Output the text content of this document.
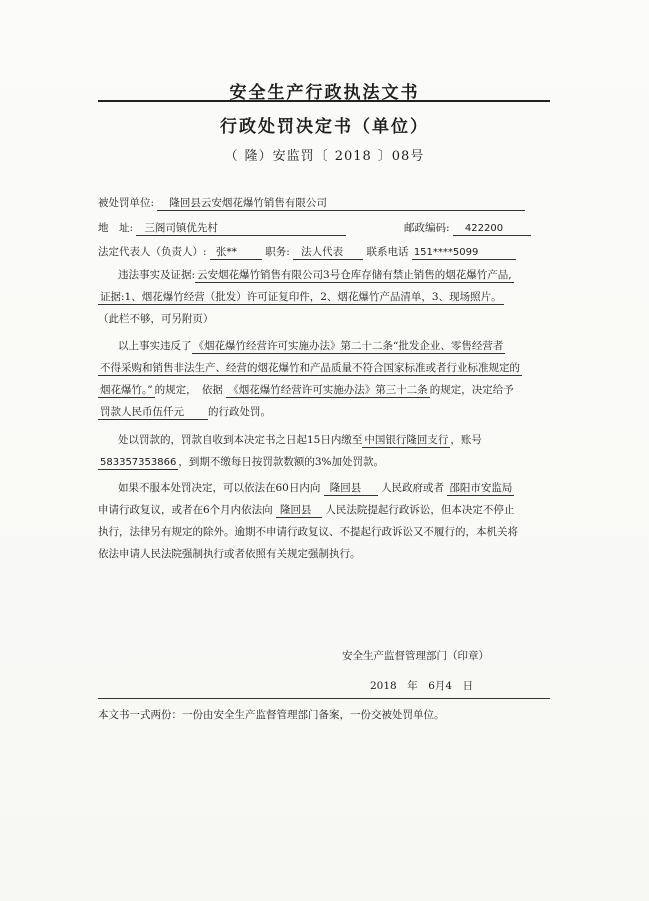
安全生产行政执法文书
行政处罚决定书（单位）
（ 隆）安监罚〔 2018 〕08号
被处罚单位: 隆回县云安烟花爆竹销售有限公司
地　址: 三阁司镇优先村	邮政编码: 422200
法定代表人（负责人）: 张**	职务: 法人代表 联系电话 151****5099
违法事实及证据: 云安烟花爆竹销售有限公司3号仓库存储有禁止销售的烟花爆竹产品,
证据:1、烟花爆竹经营（批发）许可证复印件，2、烟花爆竹产品清单，3、现场照片。
（此栏不够，可另附页）
以上事实违反了 《烟花爆竹经营许可实施办法》第二十二条“批发企业、零售经营者
不得采购和销售非法生产、经营的烟花爆竹和产品质量不符合国家标准或者行业标准规定的
烟花爆竹。” 的规定，　依据 《烟花爆竹经营许可实施办法》第三十二条 的规定，决定给予
罚款人民币伍仟元 的行政处罚。
处以罚款的，罚款自收到本决定书之日起15日内缴至 中国银行隆回支行 ，账号
583357353866 ，到期不缴每日按罚款数额的3%加处罚款。
如果不服本处罚决定，可以依法在60日内向 隆回县 人民政府或者 邵阳市安监局
申请行政复议，或者在6个月内依法向 隆回县 人民法院提起行政诉讼，但本决定不停止
执行，法律另有规定的除外。逾期不申请行政复议、不提起行政诉讼又不履行的，本机关将
依法申请人民法院强制执行或者依照有关规定强制执行。
安全生产监督管理部门（印章）
2018　年　6月4　日
本文书一式两份：一份由安全生产监督管理部门备案，一份交被处罚单位。
